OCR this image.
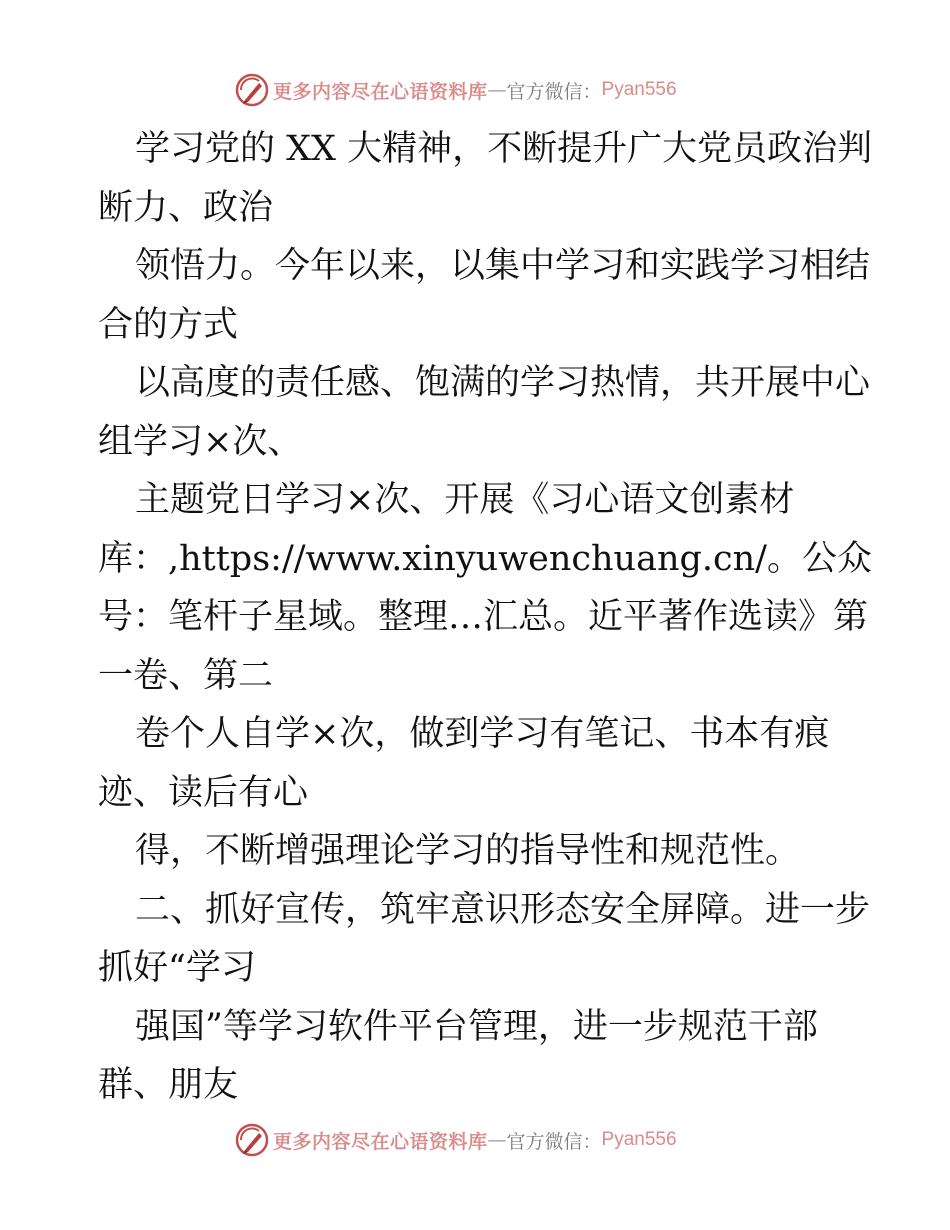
更多内容尽在心语资料库 — 官方微信： Pyan556
学习党的 XX 大精神，不断提升广大党员政治判
断力、政治
领悟力。今年以来，以集中学习和实践学习相结
合的方式
以高度的责任感、饱满的学习热情，共开展中心
组学习×次、
主题党日学习×次、开展《习心语文创素材
库：,https://www.xinyuwenchuang.cn/。公众
号：笔杆子星域。整理…汇总。近平著作选读》第
一卷、第二
卷个人自学×次，做到学习有笔记、书本有痕
迹、读后有心
得，不断增强理论学习的指导性和规范性。
二、抓好宣传，筑牢意识形态安全屏障。进一步
抓好“学习
强国”等学习软件平台管理，进一步规范干部
群、朋友
更多内容尽在心语资料库 — 官方微信： Pyan556
